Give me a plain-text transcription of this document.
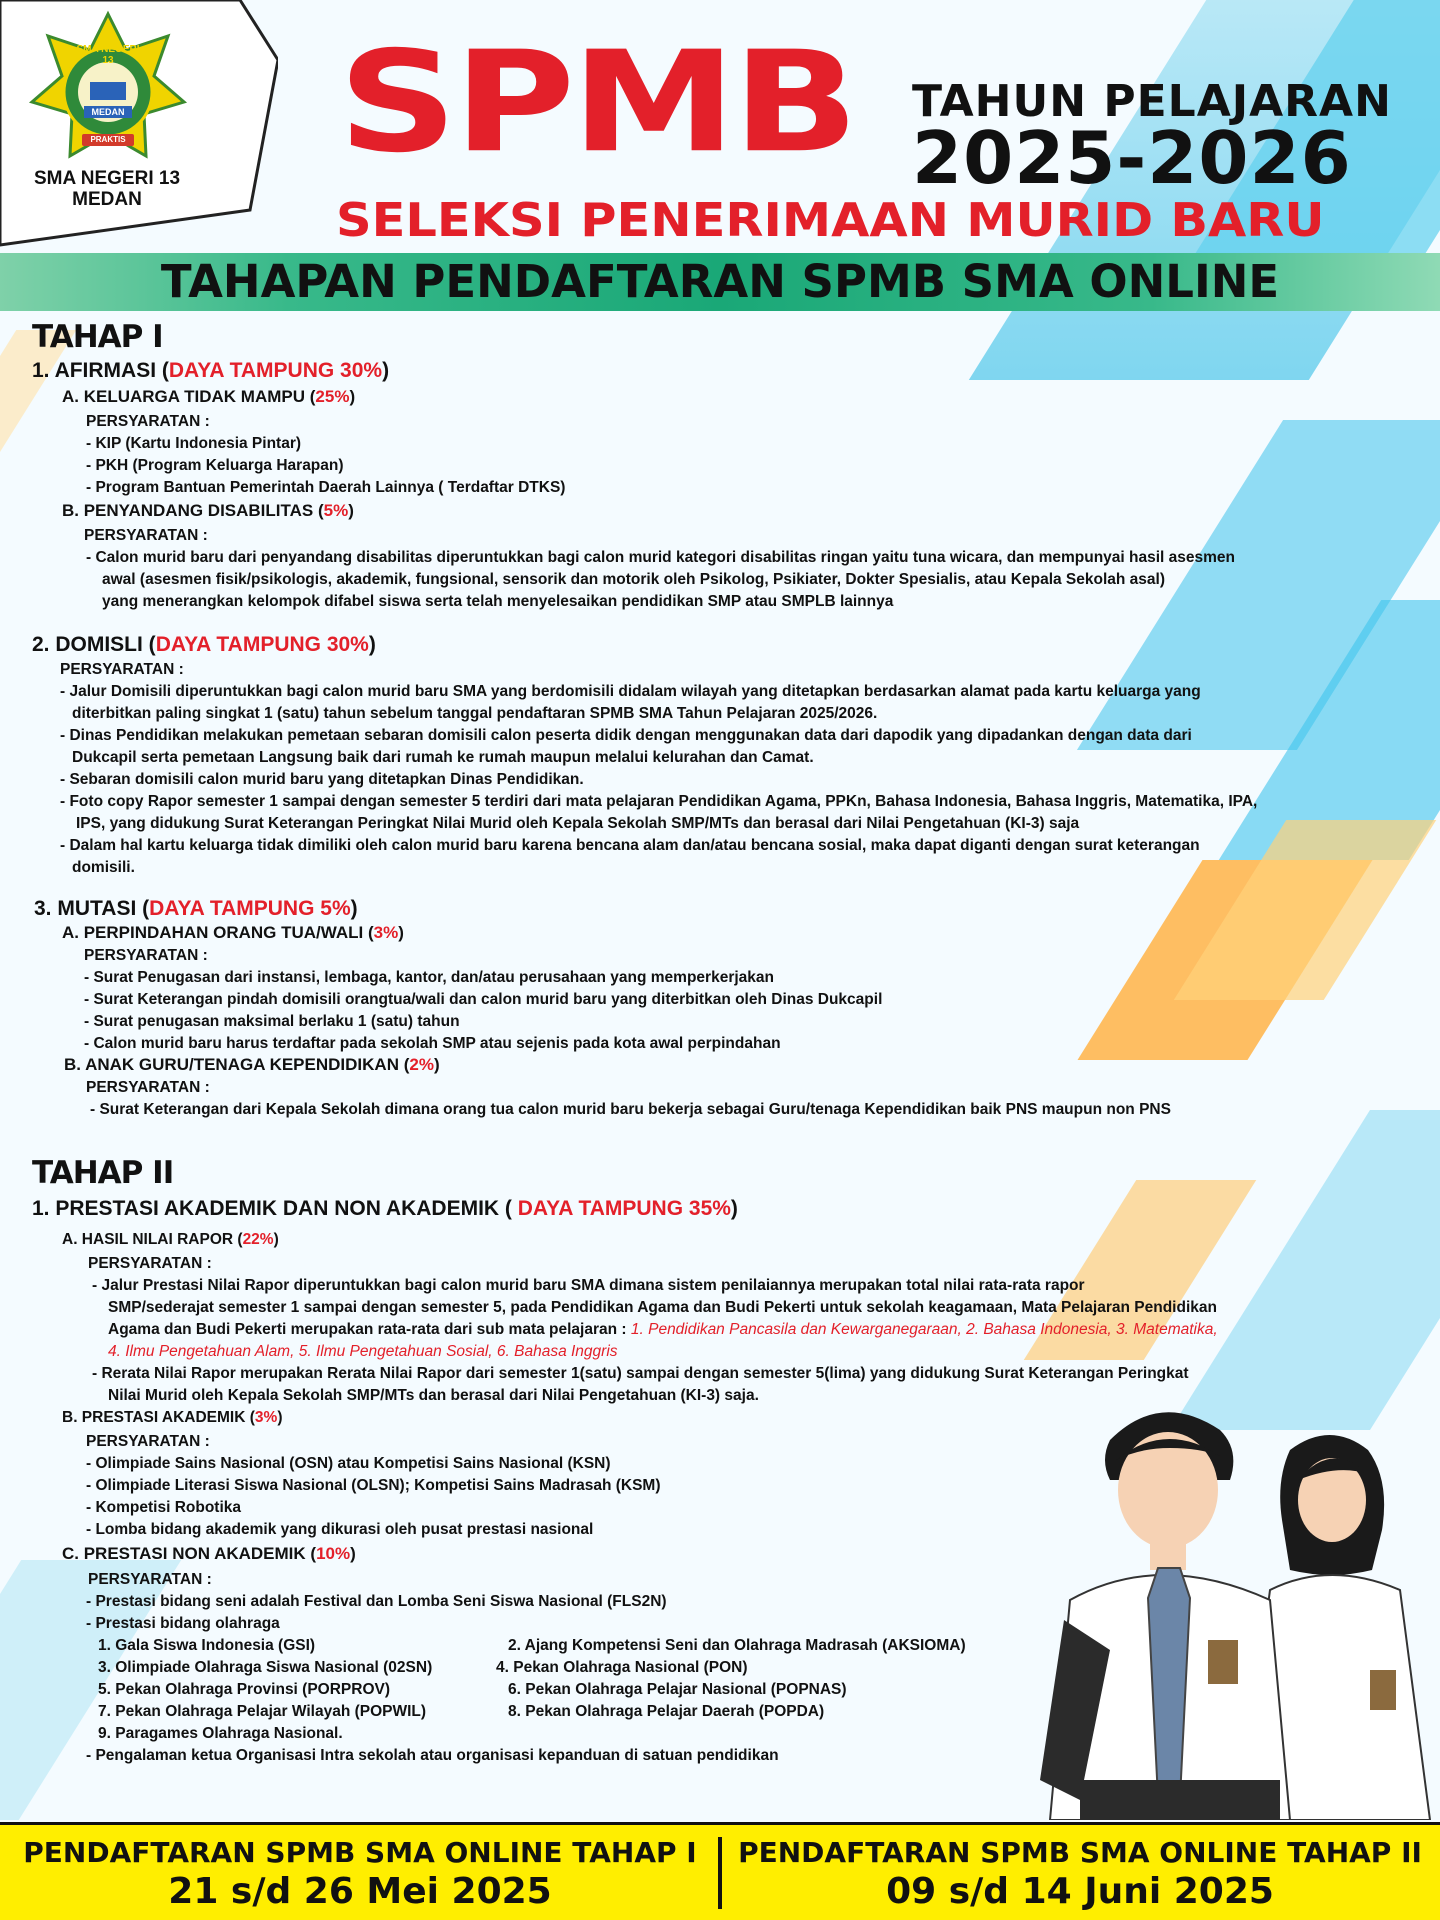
SMA NEGERI
13
MEDAN
PRAKTIS
SMA NEGERI 13
MEDAN
SPMB TAHUN PELAJARAN
2025-2026
SELEKSI PENERIMAAN MURID BARU
TAHAPAN PENDAFTARAN SPMB SMA ONLINE
TAHAP I
1. AFIRMASI (DAYA TAMPUNG 30%)
A. KELUARGA TIDAK MAMPU (25%)
PERSYARATAN :
- KIP (Kartu Indonesia Pintar)
- PKH (Program Keluarga Harapan)
- Program Bantuan Pemerintah Daerah Lainnya ( Terdaftar DTKS)
B. PENYANDANG DISABILITAS (5%)
PERSYARATAN :
- Calon murid baru dari penyandang disabilitas diperuntukkan bagi calon murid kategori disabilitas ringan yaitu tuna wicara, dan mempunyai hasil asesmen
awal (asesmen fisik/psikologis, akademik, fungsional, sensorik dan motorik oleh Psikolog, Psikiater, Dokter Spesialis, atau Kepala Sekolah asal)
yang menerangkan kelompok difabel siswa serta telah menyelesaikan pendidikan SMP atau SMPLB lainnya
2. DOMISLI (DAYA TAMPUNG 30%)
PERSYARATAN :
- Jalur Domisili diperuntukkan bagi calon murid baru SMA yang berdomisili didalam wilayah yang ditetapkan berdasarkan alamat pada kartu keluarga yang
diterbitkan paling singkat 1 (satu) tahun sebelum tanggal pendaftaran SPMB SMA Tahun Pelajaran 2025/2026.
- Dinas Pendidikan melakukan pemetaan sebaran domisili calon peserta didik dengan menggunakan data dari dapodik yang dipadankan dengan data dari
Dukcapil serta pemetaan Langsung baik dari rumah ke rumah maupun melalui kelurahan dan Camat.
- Sebaran domisili calon murid baru yang ditetapkan Dinas Pendidikan.
- Foto copy Rapor semester 1 sampai dengan semester 5 terdiri dari mata pelajaran Pendidikan Agama, PPKn, Bahasa Indonesia, Bahasa Inggris, Matematika, IPA,
IPS, yang didukung Surat Keterangan Peringkat Nilai Murid oleh Kepala Sekolah SMP/MTs dan berasal dari Nilai Pengetahuan (KI-3) saja
- Dalam hal kartu keluarga tidak dimiliki oleh calon murid baru karena bencana alam dan/atau bencana sosial, maka dapat diganti dengan surat keterangan
domisili.
3. MUTASI (DAYA TAMPUNG 5%)
A. PERPINDAHAN ORANG TUA/WALI (3%)
PERSYARATAN :
- Surat Penugasan dari instansi, lembaga, kantor, dan/atau perusahaan yang memperkerjakan
- Surat Keterangan pindah domisili orangtua/wali dan calon murid baru yang diterbitkan oleh Dinas Dukcapil
- Surat penugasan maksimal berlaku 1 (satu) tahun
- Calon murid baru harus terdaftar pada sekolah SMP atau sejenis pada kota awal perpindahan
B. ANAK GURU/TENAGA KEPENDIDIKAN (2%)
PERSYARATAN :
- Surat Keterangan dari Kepala Sekolah dimana orang tua calon murid baru bekerja sebagai Guru/tenaga Kependidikan baik PNS maupun non PNS
TAHAP II
1. PRESTASI AKADEMIK DAN NON AKADEMIK ( DAYA TAMPUNG 35%)
A. HASIL NILAI RAPOR (22%)
PERSYARATAN :
- Jalur Prestasi Nilai Rapor diperuntukkan bagi calon murid baru SMA dimana sistem penilaiannya merupakan total nilai rata-rata rapor
SMP/sederajat semester 1 sampai dengan semester 5, pada Pendidikan Agama dan Budi Pekerti untuk sekolah keagamaan, Mata Pelajaran Pendidikan
Agama dan Budi Pekerti merupakan rata-rata dari sub mata pelajaran : 1. Pendidikan Pancasila dan Kewarganegaraan, 2. Bahasa Indonesia, 3. Matematika,
4. Ilmu Pengetahuan Alam, 5. Ilmu Pengetahuan Sosial, 6. Bahasa Inggris
- Rerata Nilai Rapor merupakan Rerata Nilai Rapor dari semester 1(satu) sampai dengan semester 5(lima) yang didukung Surat Keterangan Peringkat
Nilai Murid oleh Kepala Sekolah SMP/MTs dan berasal dari Nilai Pengetahuan (KI-3) saja.
B. PRESTASI AKADEMIK (3%)
PERSYARATAN :
- Olimpiade Sains Nasional (OSN) atau Kompetisi Sains Nasional (KSN)
- Olimpiade Literasi Siswa Nasional (OLSN); Kompetisi Sains Madrasah (KSM)
- Kompetisi Robotika
- Lomba bidang akademik yang dikurasi oleh pusat prestasi nasional
C. PRESTASI NON AKADEMIK (10%)
PERSYARATAN :
- Prestasi bidang seni adalah Festival dan Lomba Seni Siswa Nasional (FLS2N)
- Prestasi bidang olahraga
1. Gala Siswa Indonesia (GSI)
3. Olimpiade Olahraga Siswa Nasional (02SN)
5. Pekan Olahraga Provinsi (PORPROV)
7. Pekan Olahraga Pelajar Wilayah (POPWIL)
9. Paragames Olahraga Nasional.
2. Ajang Kompetensi Seni dan Olahraga Madrasah (AKSIOMA)
4. Pekan Olahraga Nasional (PON)
6. Pekan Olahraga Pelajar Nasional (POPNAS)
8. Pekan Olahraga Pelajar Daerah (POPDA)
- Pengalaman ketua Organisasi Intra sekolah atau organisasi kepanduan di satuan pendidikan
PENDAFTARAN SPMB SMA ONLINE TAHAP I
21 s/d 26 Mei 2025
PENDAFTARAN SPMB SMA ONLINE TAHAP II
09 s/d 14 Juni 2025
